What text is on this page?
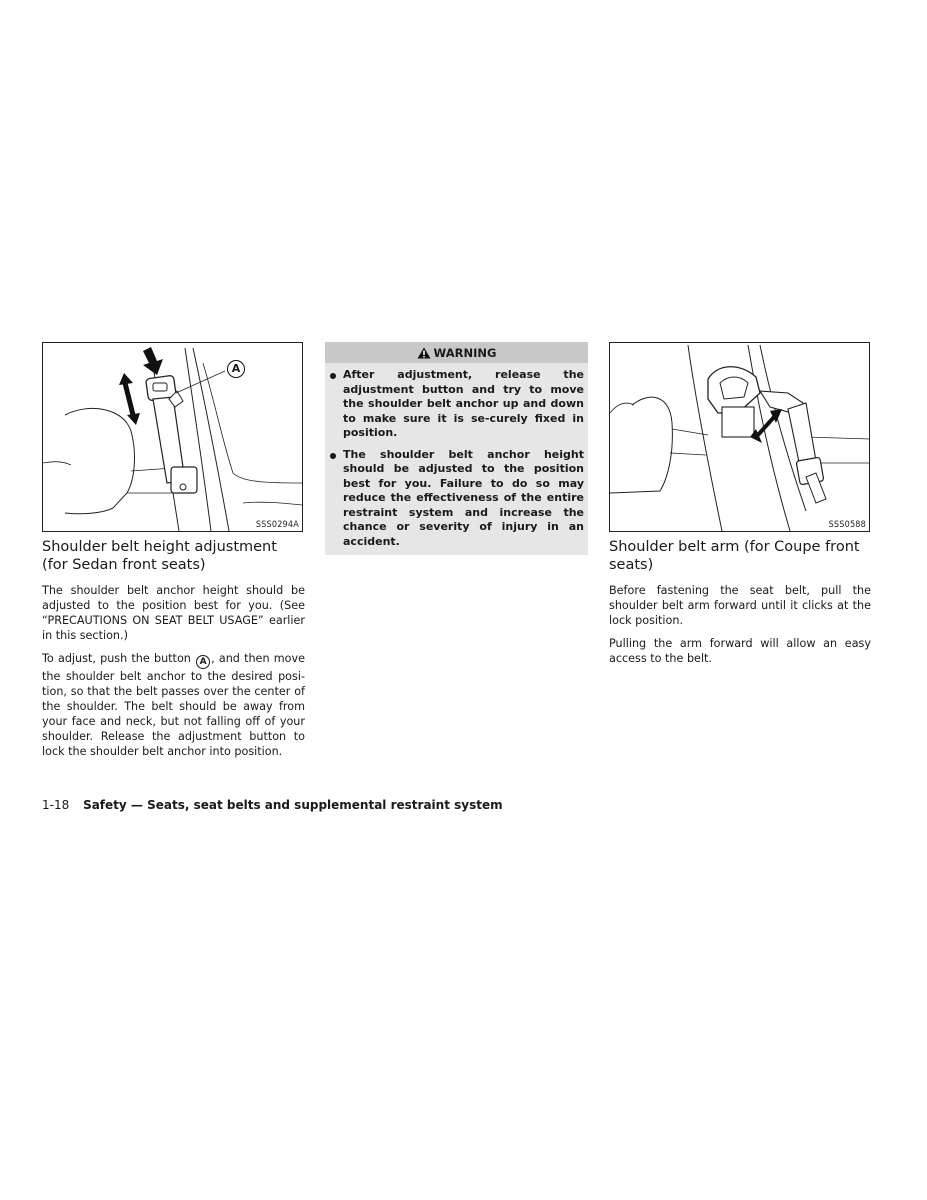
A
SSS0294A
Shoulder belt height adjustment (for Sedan front seats)

The shoulder belt anchor height should be adjusted to the position best for you. (See “PRECAUTIONS ON SEAT BELT USAGE” earlier in this section.)

To adjust, push the button A , and then move the shoulder belt anchor to the desired posi-tion, so that the belt passes over the center of the shoulder. The belt should be away from your face and neck, but not falling off of your shoulder. Release the adjustment button to lock the shoulder belt anchor into position.

WARNING
After adjustment, release the adjustment button and try to move the shoulder belt anchor up and down to make sure it is se-curely fixed in position.
The shoulder belt anchor height should be adjusted to the position best for you. Failure to do so may reduce the effectiveness of the entire restraint system and increase the chance or severity of injury in an accident.
SSS0588
Shoulder belt arm (for Coupe front seats)

Before fastening the seat belt, pull the shoulder belt arm forward until it clicks at the lock position.

Pulling the arm forward will allow an easy access to the belt.

1-18 Safety — Seats, seat belts and supplemental restraint system
